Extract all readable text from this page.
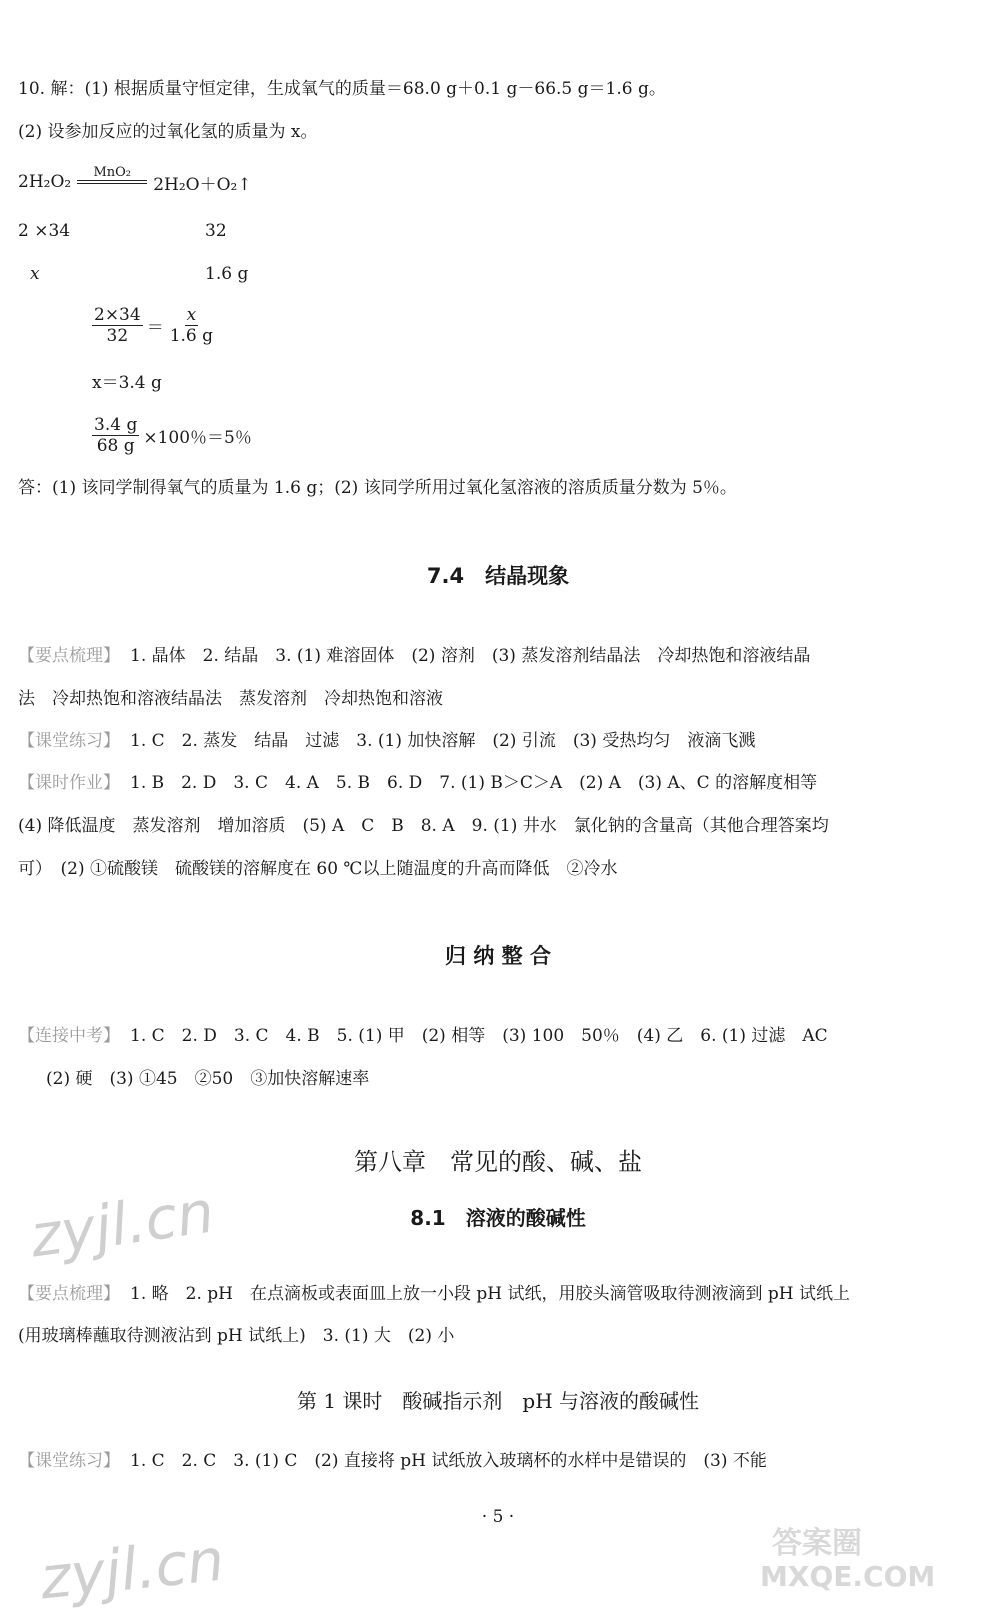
10. 解：(1) 根据质量守恒定律，生成氧气的质量＝68.0 g＋0.1 g－66.5 g＝1.6 g。
(2) 设参加反应的过氧化氢的质量为 x。
2H₂O₂ MnO₂
2H₂O＋O₂↑
2 ×34	32
x	1.6 g
$\frac{2\times 34}{32} = \frac{x}{1.6 g}$
x＝3.4 g
$\frac{3.4 g}{68 g} \times 100$％＝5％
答：(1) 该同学制得氧气的质量为 1.6 g；(2) 该同学所用过氧化氢溶液的溶质质量分数为 5％。
7.4　结晶现象
【要点梳理】 1. 晶体　2. 结晶　3. (1) 难溶固体　(2) 溶剂　(3) 蒸发溶剂结晶法　冷却热饱和溶液结晶
法　冷却热饱和溶液结晶法　蒸发溶剂　冷却热饱和溶液
【课堂练习】 1. C　2. 蒸发　结晶　过滤　3. (1) 加快溶解　(2) 引流　(3) 受热均匀　液滴飞溅
【课时作业】 1. B　2. D　3. C　4. A　5. B　6. D　7. (1) B＞C＞A　(2) A　(3) A、C 的溶解度相等
(4) 降低温度　蒸发溶剂　增加溶质　(5) A　C　B　8. A　9. (1) 井水　氯化钠的含量高（其他合理答案均
可）　(2) ①硫酸镁　硫酸镁的溶解度在 60 ℃以上随温度的升高而降低　②冷水
归 纳 整 合
【连接中考】 1. C　2. D　3. C　4. B　5. (1) 甲　(2) 相等　(3) 100　50％　(4) 乙　6. (1) 过滤　AC
(2) 硬　(3) ①45　②50　③加快溶解速率
第八章　常见的酸、碱、盐
8.1　溶液的酸碱性
zyjl.cn
【要点梳理】 1. 略　2. pH　在点滴板或表面皿上放一小段 pH 试纸，用胶头滴管吸取待测液滴到 pH 试纸上
(用玻璃棒蘸取待测液沾到 pH 试纸上)　3. (1) 大　(2) 小
第 1 课时　酸碱指示剂　pH 与溶液的酸碱性
【课堂练习】 1. C　2. C　3. (1) C　(2) 直接将 pH 试纸放入玻璃杯的水样中是错误的　(3) 不能
· 5 ·
zyjl.cn	答案圈
MXQE.COM
